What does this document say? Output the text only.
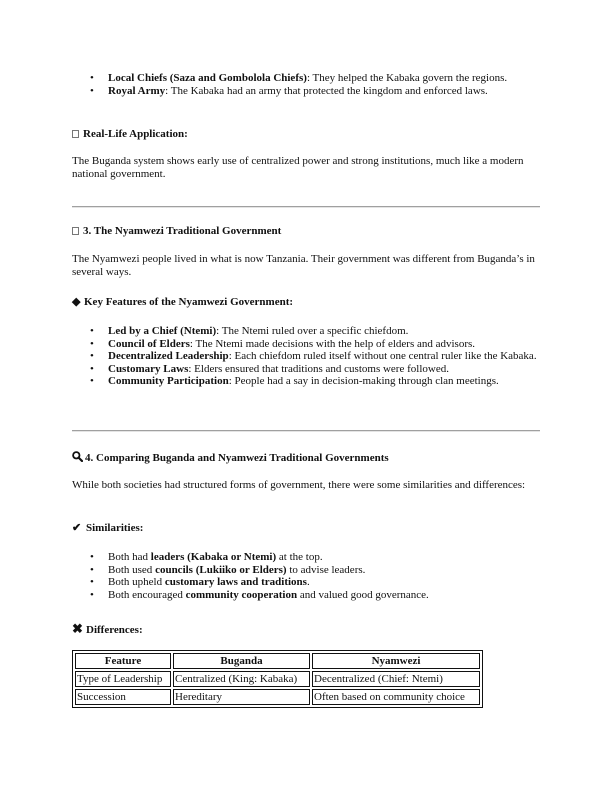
• Local Chiefs (Saza and Gombolola Chiefs): They helped the Kabaka govern the regions.
• Royal Army: The Kabaka had an army that protected the kingdom and enforced laws.
Real-Life Application:

The Buganda system shows early use of centralized power and strong institutions, much like a modern national government.

3. The Nyamwezi Traditional Government

The Nyamwezi people lived in what is now Tanzania. Their government was different from Buganda’s in several ways.

◆ Key Features of the Nyamwezi Government:
• Led by a Chief (Ntemi): The Ntemi ruled over a specific chiefdom.
• Council of Elders: The Ntemi made decisions with the help of elders and advisors.
• Decentralized Leadership: Each chiefdom ruled itself without one central ruler like the Kabaka.
• Customary Laws: Elders ensured that traditions and customs were followed.
• Community Participation: People had a say in decision-making through clan meetings.
4. Comparing Buganda and Nyamwezi Traditional Governments

While both societies had structured forms of government, there were some similarities and differences:

✔ Similarities:
• Both had leaders (Kabaka or Ntemi) at the top.
• Both used councils (Lukiiko or Elders) to advise leaders.
• Both upheld customary laws and traditions.
• Both encouraged community cooperation and valued good governance.
✖ Differences:
Feature	Buganda	Nyamwezi
Type of Leadership	Centralized (King: Kabaka)	Decentralized (Chief: Ntemi)
Succession	Hereditary	Often based on community choice
